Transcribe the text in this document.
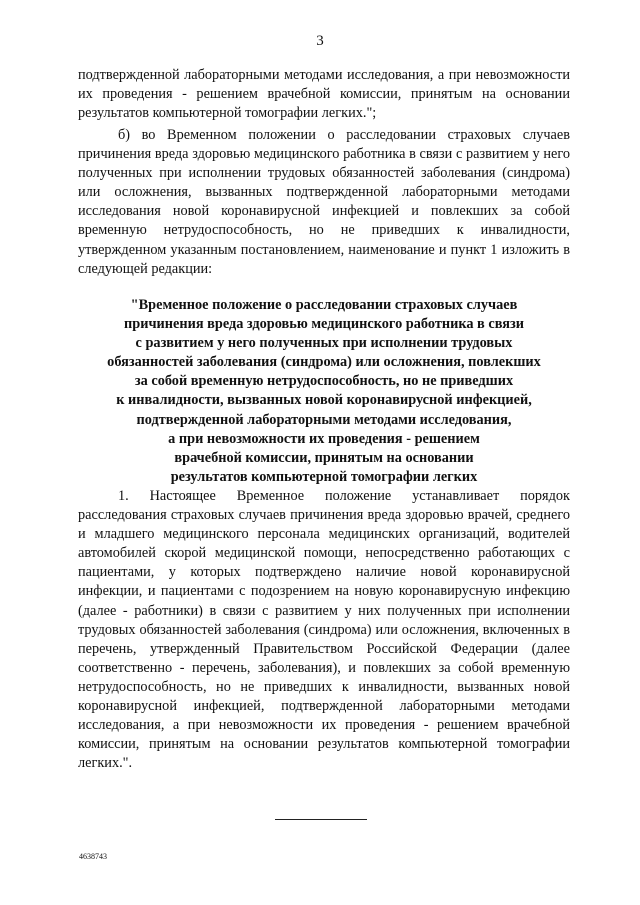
3

подтвержденной лабораторными методами исследования, а при невозможности их проведения - решением врачебной комиссии, принятым на основании результатов компьютерной томографии легких.";

б) во Временном положении о расследовании страховых случаев причинения вреда здоровью медицинского работника в связи с развитием у него полученных при исполнении трудовых обязанностей заболевания (синдрома) или осложнения, вызванных подтвержденной лабораторными методами исследования новой коронавирусной инфекцией и повлекших за собой временную нетрудоспособность, но не приведших к инвалидности, утвержденном указанным постановлением, наименование и пункт 1 изложить в следующей редакции:

"Временное положение о расследовании страховых случаев
причинения вреда здоровью медицинского работника в связи
с развитием у него полученных при исполнении трудовых
обязанностей заболевания (синдрома) или осложнения, повлекших
за собой временную нетрудоспособность, но не приведших
к инвалидности, вызванных новой коронавирусной инфекцией,
подтвержденной лабораторными методами исследования,
а при невозможности их проведения - решением
врачебной комиссии, принятым на основании
результатов компьютерной томографии легких

1. Настоящее Временное положение устанавливает порядок расследования страховых случаев причинения вреда здоровью врачей, среднего и младшего медицинского персонала медицинских организаций, водителей автомобилей скорой медицинской помощи, непосредственно работающих с пациентами, у которых подтверждено наличие новой коронавирусной инфекции, и пациентами с подозрением на новую коронавирусную инфекцию (далее - работники) в связи с развитием у них полученных при исполнении трудовых обязанностей заболевания (синдрома) или осложнения, включенных в перечень, утвержденный Правительством Российской Федерации (далее соответственно - перечень, заболевания), и повлекших за собой временную нетрудоспособность, но не приведших к инвалидности, вызванных новой коронавирусной инфекцией, подтвержденной лабораторными методами исследования, а при невозможности их проведения - решением врачебной комиссии, принятым на основании результатов компьютерной томографии легких.".

4638743
